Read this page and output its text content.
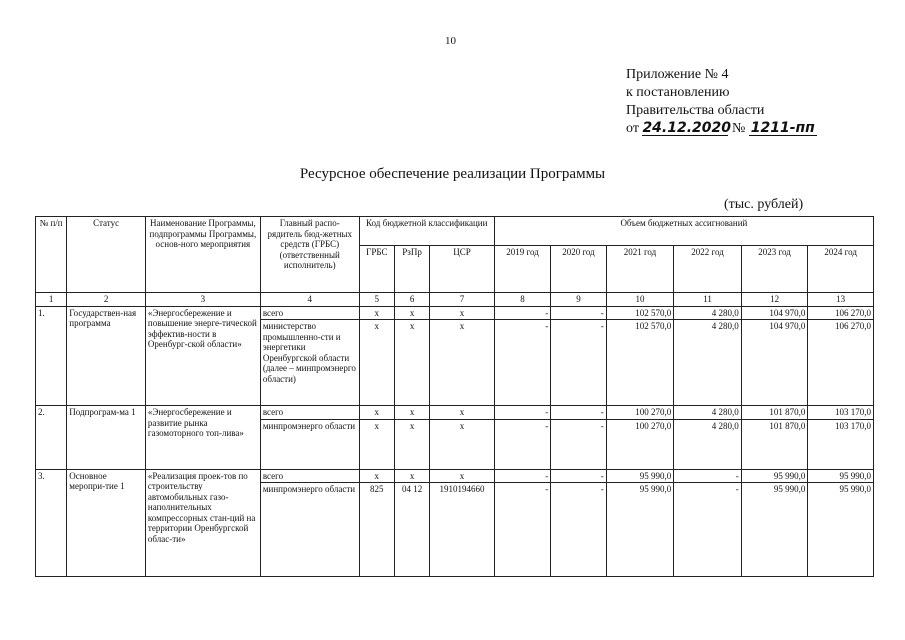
10
Приложение № 4
к постановлению
Правительства области
от 24.12.2020 № 1211-пп
Ресурсное обеспечение реализации Программы
(тыс. рублей)
№ п/п	Статус	Наименование Программы, подпрограммы Программы, основ-ного мероприятия	Главный распо-рядитель бюд-жетных средств (ГРБС) (ответственный исполнитель)	Код бюджетной классификации			Объем бюджетных ассигнований					
				ГРБС	РзПр	ЦСР	2019 год	2020 год	2021 год	2022 год	2023 год	2024 год
1	2	3	4	5	6	7	8	9	10	11	12	13
1.	Государствен-ная программа	«Энергосбережение и повышение энерге-тической эффектив-ности в Оренбург-ской области»	всего	х	х	х	-	-	102 570,0	4 280,0	104 970,0	106 270,0
			министерство промышленно-сти и энергетики Оренбургской области (далее – минпромэнерго области)	х	х	х	-	-	102 570,0	4 280,0	104 970,0	106 270,0
2.	Подпрограм-ма 1	«Энергосбережение и развитие рынка газомоторного топ-лива»	всего	х	х	х	-	-	100 270,0	4 280,0	101 870,0	103 170,0
			минпромэнерго области	х	х	х	-	-	100 270,0	4 280,0	101 870,0	103 170,0
3.	Основное меропри-тие 1	«Реализация проек-тов по строительству автомобильных газо-наполнительных компрессорных стан-ций на территории Оренбургской облас-ти»	всего	х	х	х	-	-	95 990,0	-	95 990,0	95 990,0
			минпромэнерго области	825	04 12	1910194660	-	-	95 990,0	-	95 990,0	95 990,0
